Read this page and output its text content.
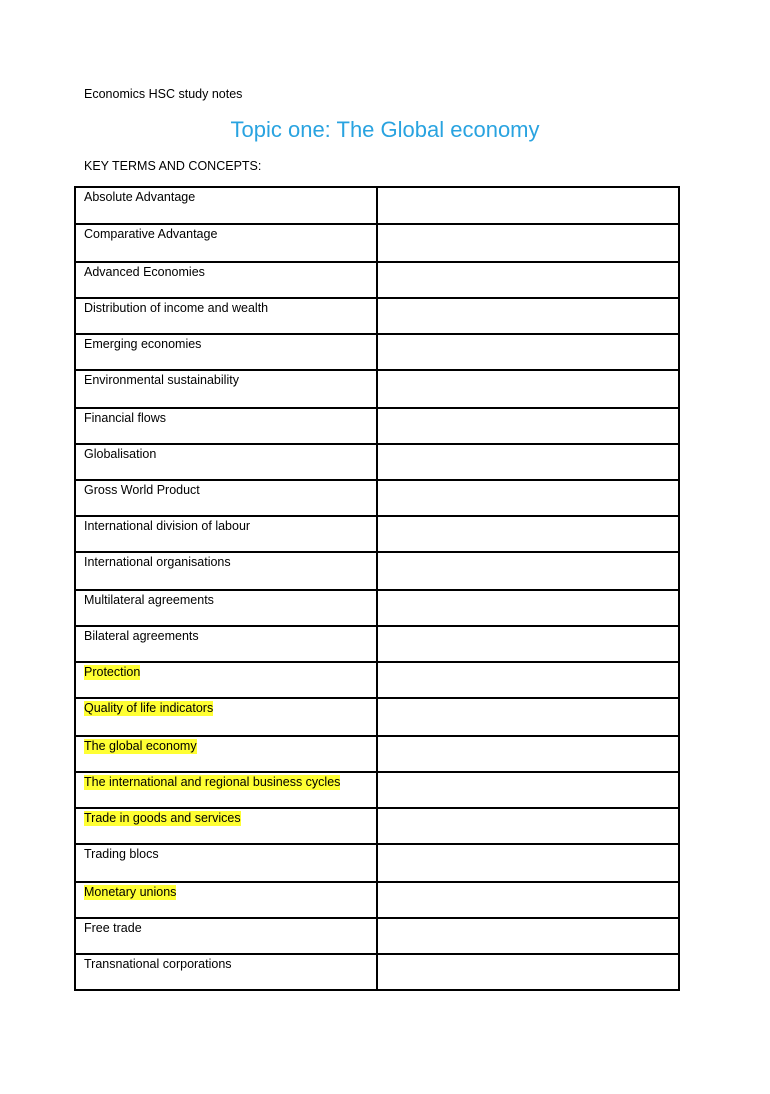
Economics HSC study notes
Topic one: The Global economy
KEY TERMS AND CONCEPTS:
Absolute Advantage	
Comparative Advantage	
Advanced Economies	
Distribution of income and wealth	
Emerging economies	
Environmental sustainability	
Financial flows	
Globalisation	
Gross World Product	
International division of labour	
International organisations	
Multilateral agreements	
Bilateral agreements	
Protection	
Quality of life indicators	
The global economy	
The international and regional business cycles	
Trade in goods and services	
Trading blocs	
Monetary unions	
Free trade	
Transnational corporations	
